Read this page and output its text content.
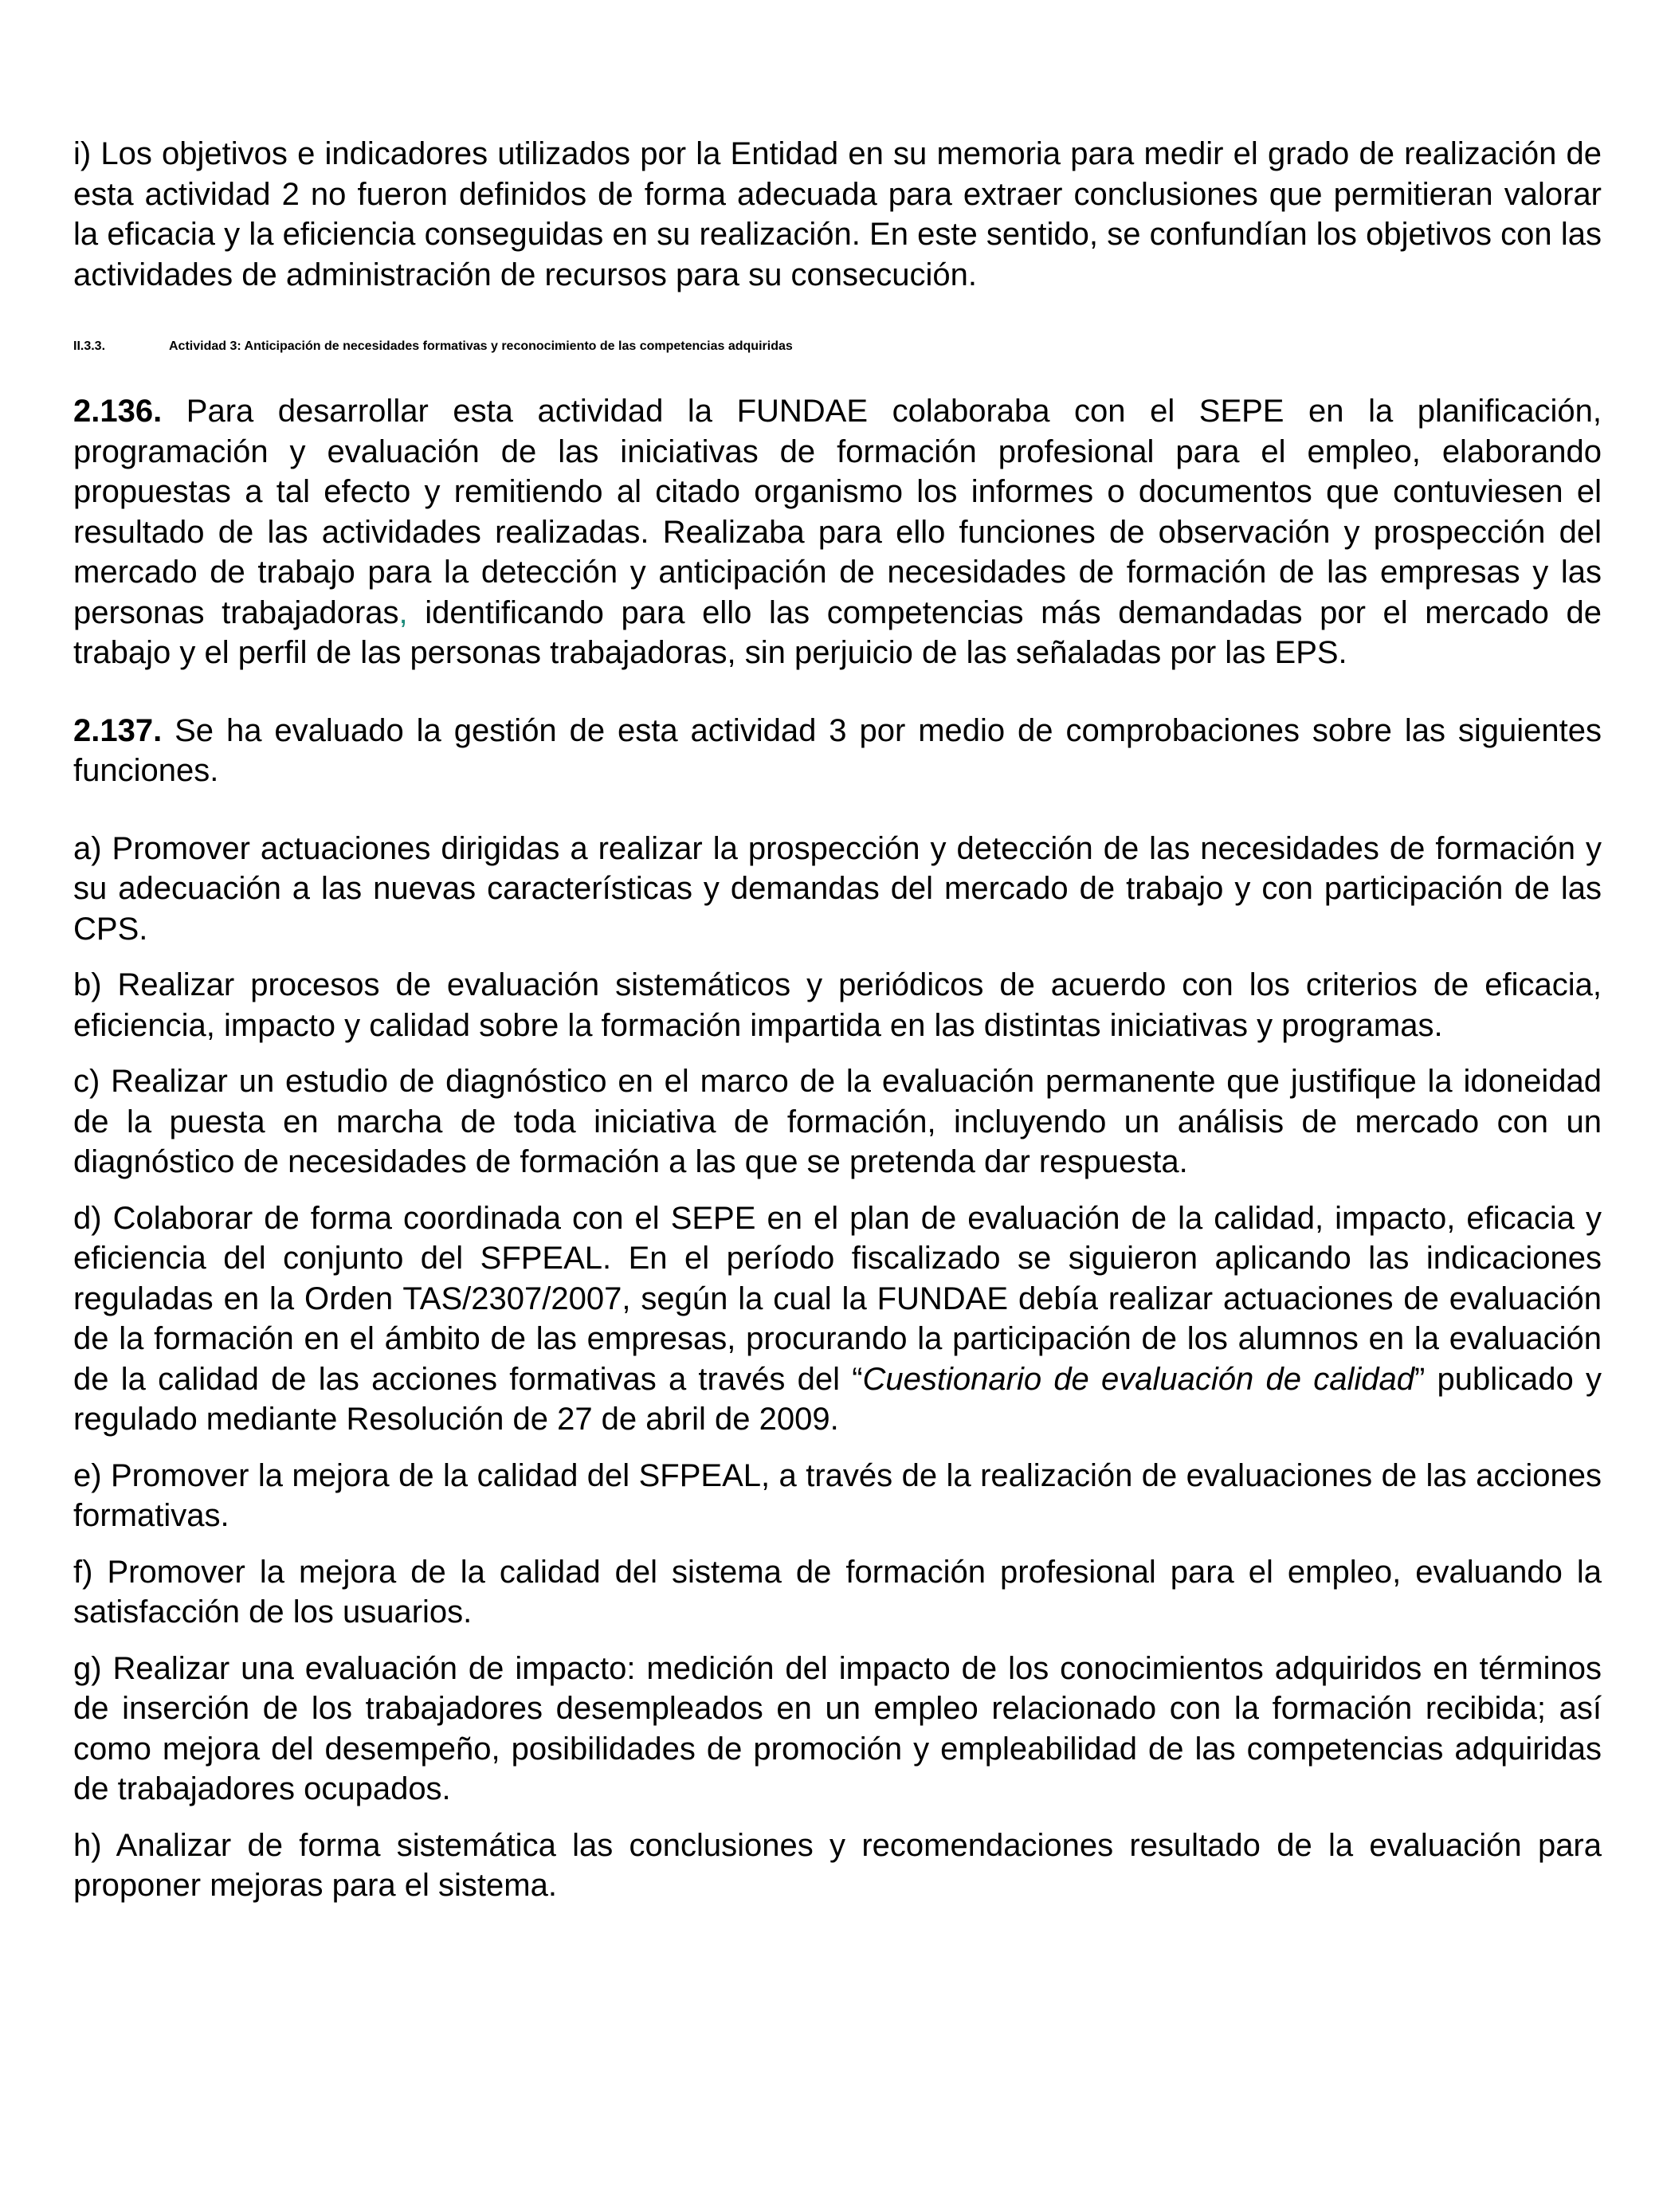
i) Los objetivos e indicadores utilizados por la Entidad en su memoria para medir el grado de realización de esta actividad 2 no fueron definidos de forma adecuada para extraer conclusiones que permitieran valorar la eficacia y la eficiencia conseguidas en su realización. En este sentido, se confundían los objetivos con las actividades de administración de recursos para su consecución.

II.3.3.	Actividad 3: Anticipación de necesidades formativas y reconocimiento de las competencias adquiridas

2.136. Para desarrollar esta actividad la FUNDAE colaboraba con el SEPE en la planificación, programación y evaluación de las iniciativas de formación profesional para el empleo, elaborando propuestas a tal efecto y remitiendo al citado organismo los informes o documentos que contuviesen el resultado de las actividades realizadas. Realizaba para ello funciones de observación y prospección del mercado de trabajo para la detección y anticipación de necesidades de formación de las empresas y las personas trabajadoras, identificando para ello las competencias más demandadas por el mercado de trabajo y el perfil de las personas trabajadoras, sin perjuicio de las señaladas por las EPS.

2.137. Se ha evaluado la gestión de esta actividad 3 por medio de comprobaciones sobre las siguientes funciones.

a) Promover actuaciones dirigidas a realizar la prospección y detección de las necesidades de formación y su adecuación a las nuevas características y demandas del mercado de trabajo y con participación de las CPS.

b) Realizar procesos de evaluación sistemáticos y periódicos de acuerdo con los criterios de eficacia, eficiencia, impacto y calidad sobre la formación impartida en las distintas iniciativas y programas.

c) Realizar un estudio de diagnóstico en el marco de la evaluación permanente que justifique la idoneidad de la puesta en marcha de toda iniciativa de formación, incluyendo un análisis de mercado con un diagnóstico de necesidades de formación a las que se pretenda dar respuesta.

d) Colaborar de forma coordinada con el SEPE en el plan de evaluación de la calidad, impacto, eficacia y eficiencia del conjunto del SFPEAL. En el período fiscalizado se siguieron aplicando las indicaciones reguladas en la Orden TAS/2307/2007, según la cual la FUNDAE debía realizar actuaciones de evaluación de la formación en el ámbito de las empresas, procurando la participación de los alumnos en la evaluación de la calidad de las acciones formativas a través del “Cuestionario de evaluación de calidad” publicado y regulado mediante Resolución de 27 de abril de 2009.

e) Promover la mejora de la calidad del SFPEAL, a través de la realización de evaluaciones de las acciones formativas.

f) Promover la mejora de la calidad del sistema de formación profesional para el empleo, evaluando la satisfacción de los usuarios.

g) Realizar una evaluación de impacto: medición del impacto de los conocimientos adquiridos en términos de inserción de los trabajadores desempleados en un empleo relacionado con la formación recibida; así como mejora del desempeño, posibilidades de promoción y empleabilidad de las competencias adquiridas de trabajadores ocupados.

h) Analizar de forma sistemática las conclusiones y recomendaciones resultado de la evaluación para proponer mejoras para el sistema.
